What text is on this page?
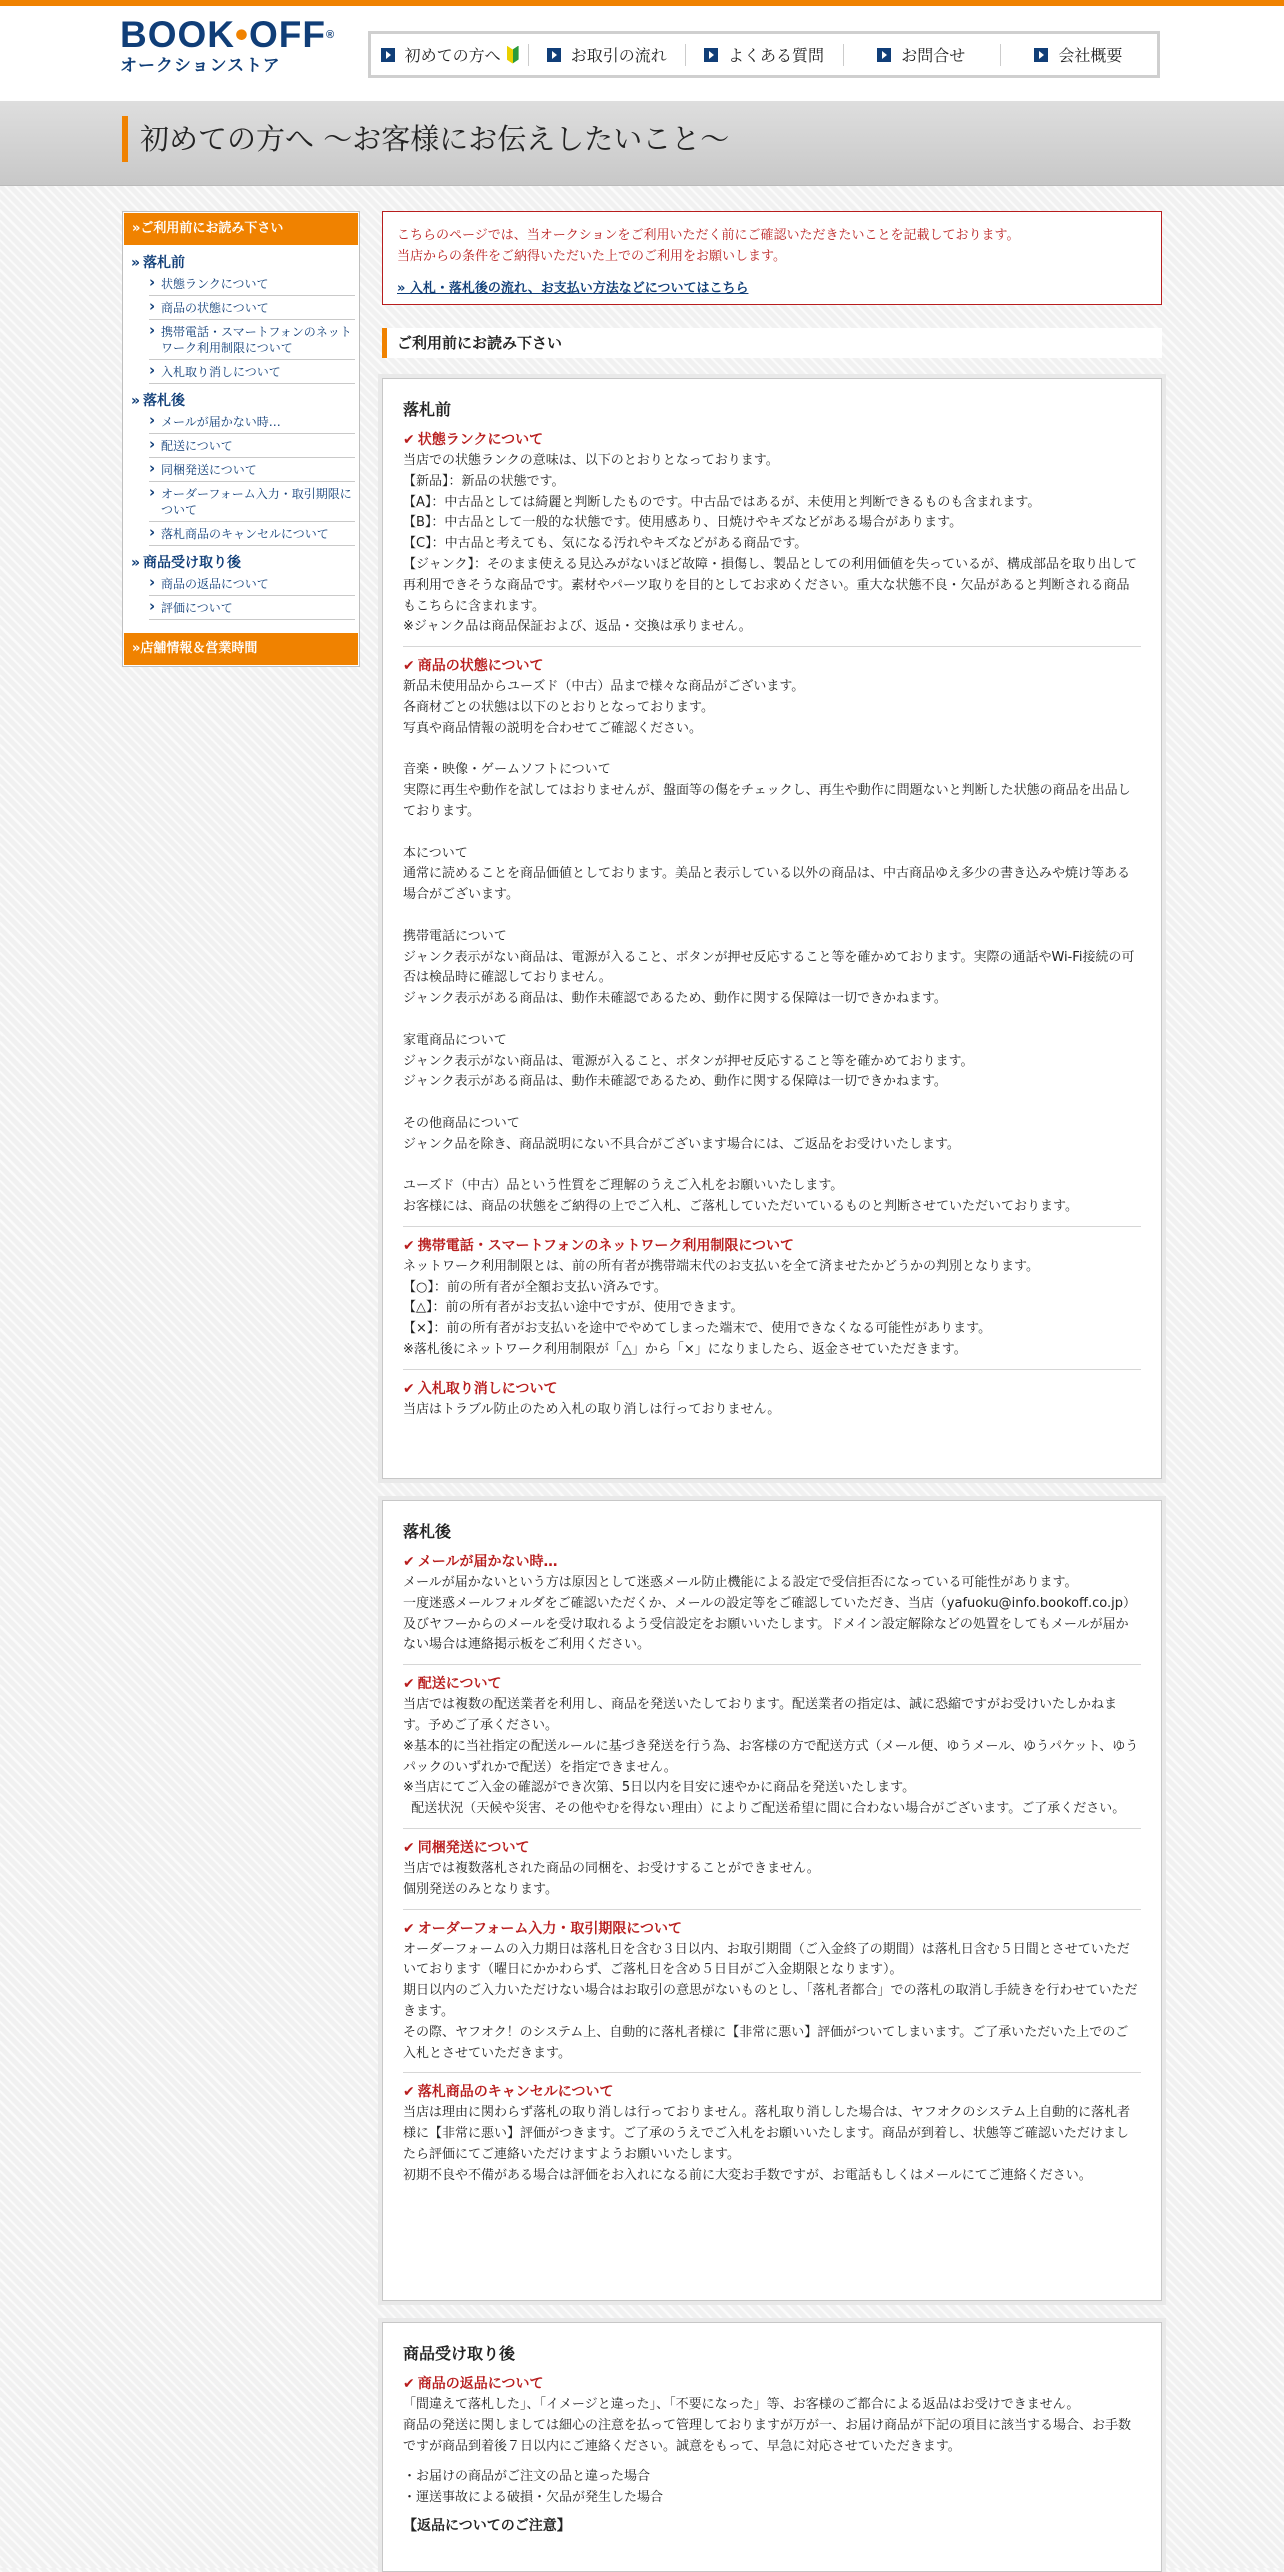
BOOK•OFF®
オークションストア
初めての方へ	お取引の流れ	よくある質問	お問合せ	会社概要
初めての方へ ～お客様にお伝えしたいこと～
»ご利用前にお読み下さい
» 落札前
› 状態ランクについて
› 商品の状態について
› 携帯電話・スマートフォンのネットワーク利用制限について
› 入札取り消しについて
» 落札後
› メールが届かない時…
› 配送について
› 同梱発送について
› オーダーフォーム入力・取引期限について
› 落札商品のキャンセルについて
» 商品受け取り後
› 商品の返品について
› 評価について
»店舗情報＆営業時間

こちらのページでは、当オークションをご利用いただく前にご確認いただきたいことを記載しております。

当店からの条件をご納得いただいた上でのご利用をお願いします。

» 入札・落札後の流れ、お支払い方法などについてはこちら
ご利用前にお読み下さい
落札前
✔ 状態ランクについて

当店での状態ランクの意味は、以下のとおりとなっております。
【新品】：新品の状態です。
【A】：中古品としては綺麗と判断したものです。中古品ではあるが、未使用と判断できるものも含まれます。
【B】：中古品として一般的な状態です。使用感あり、日焼けやキズなどがある場合があります。
【C】：中古品と考えても、気になる汚れやキズなどがある商品です。
【ジャンク】：そのまま使える見込みがないほど故障・損傷し、製品としての利用価値を失っているが、構成部品を取り出して再利用できそうな商品です。素材やパーツ取りを目的としてお求めください。重大な状態不良・欠品があると判断される商品もこちらに含まれます。
※ジャンク品は商品保証および、返品・交換は承りません。

✔ 商品の状態について

新品未使用品からユーズド（中古）品まで様々な商品がございます。
各商材ごとの状態は以下のとおりとなっております。
写真や商品情報の説明を合わせてご確認ください。

音楽・映像・ゲームソフトについて
実際に再生や動作を試してはおりませんが、盤面等の傷をチェックし、再生や動作に問題ないと判断した状態の商品を出品しております。

本について
通常に読めることを商品価値としております。美品と表示している以外の商品は、中古商品ゆえ多少の書き込みや焼け等ある場合がございます。

携帯電話について
ジャンク表示がない商品は、電源が入ること、ボタンが押せ反応すること等を確かめております。実際の通話やWi-Fi接続の可否は検品時に確認しておりません。
ジャンク表示がある商品は、動作未確認であるため、動作に関する保障は一切できかねます。

家電商品について
ジャンク表示がない商品は、電源が入ること、ボタンが押せ反応すること等を確かめております。
ジャンク表示がある商品は、動作未確認であるため、動作に関する保障は一切できかねます。

その他商品について
ジャンク品を除き、商品説明にない不具合がございます場合には、ご返品をお受けいたします。

ユーズド（中古）品という性質をご理解のうえご入札をお願いいたします。
お客様には、商品の状態をご納得の上でご入札、ご落札していただいているものと判断させていただいております。

✔ 携帯電話・スマートフォンのネットワーク利用制限について

ネットワーク利用制限とは、前の所有者が携帯端末代のお支払いを全て済ませたかどうかの判別となります。
【○】：前の所有者が全額お支払い済みです。
【△】：前の所有者がお支払い途中ですが、使用できます。
【×】：前の所有者がお支払いを途中でやめてしまった端末で、使用できなくなる可能性があります。
※落札後にネットワーク利用制限が「△」から「×」になりましたら、返金させていただきます。

✔ 入札取り消しについて

当店はトラブル防止のため入札の取り消しは行っておりません。

落札後
✔ メールが届かない時…

メールが届かないという方は原因として迷惑メール防止機能による設定で受信拒否になっている可能性があります。
一度迷惑メールフォルダをご確認いただくか、メールの設定等をご確認していただき、当店（yafuoku@info.bookoff.co.jp）及びヤフーからのメールを受け取れるよう受信設定をお願いいたします。ドメイン設定解除などの処置をしてもメールが届かない場合は連絡掲示板をご利用ください。

✔ 配送について

当店では複数の配送業者を利用し、商品を発送いたしております。配送業者の指定は、誠に恐縮ですがお受けいたしかねます。予めご了承ください。
※基本的に当社指定の配送ルールに基づき発送を行う為、お客様の方で配送方式（メール便、ゆうメール、ゆうパケット、ゆうパックのいずれかで配送）を指定できません。
※当店にてご入金の確認ができ次第、5日以内を目安に速やかに商品を発送いたします。
配送状況（天候や災害、その他やむを得ない理由）によりご配送希望に間に合わない場合がございます。ご了承ください。

✔ 同梱発送について

当店では複数落札された商品の同梱を、お受けすることができません。
個別発送のみとなります。

✔ オーダーフォーム入力・取引期限について

オーダーフォームの入力期日は落札日を含む３日以内、お取引期間（ご入金終了の期間）は落札日含む５日間とさせていただいております（曜日にかかわらず、ご落札日を含め５日目がご入金期限となります）。
期日以内のご入力いただけない場合はお取引の意思がないものとし、「落札者都合」での落札の取消し手続きを行わせていただきます。
その際、ヤフオク！のシステム上、自動的に落札者様に【非常に悪い】評価がついてしまいます。ご了承いただいた上でのご入札とさせていただきます。

✔ 落札商品のキャンセルについて

当店は理由に関わらず落札の取り消しは行っておりません。落札取り消しした場合は、ヤフオクのシステム上自動的に落札者様に【非常に悪い】評価がつきます。ご了承のうえでご入札をお願いいたします。商品が到着し、状態等ご確認いただけましたら評価にてご連絡いただけますようお願いいたします。
初期不良や不備がある場合は評価をお入れになる前に大変お手数ですが、お電話もしくはメールにてご連絡ください。

商品受け取り後
✔ 商品の返品について

「間違えて落札した」、「イメージと違った」、「不要になった」等、お客様のご都合による返品はお受けできません。
商品の発送に関しましては細心の注意を払って管理しておりますが万が一、お届け商品が下記の項目に該当する場合、お手数ですが商品到着後７日以内にご連絡ください。誠意をもって、早急に対応させていただきます。

・お届けの商品がご注文の品と違った場合
・運送事故による破損・欠品が発生した場合

【返品についてのご注意】
